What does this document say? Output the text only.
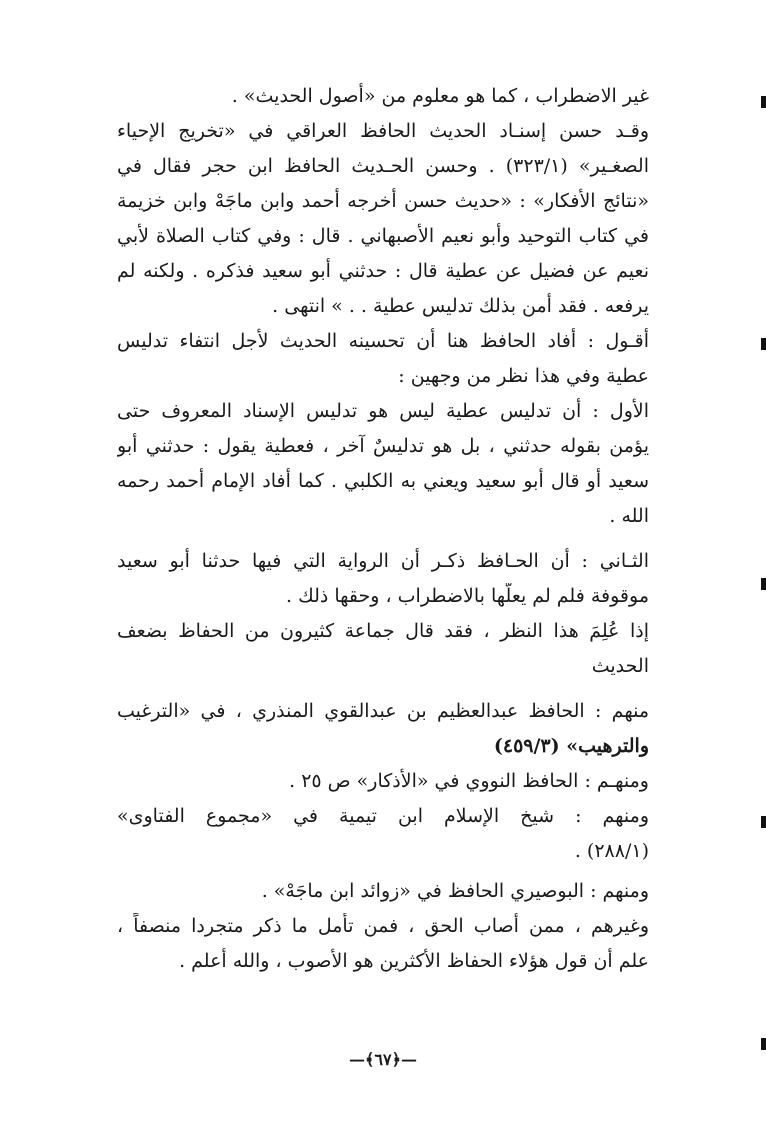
غير الاضطراب ، كما هو معلوم من «أصول الحديث» .
وقـد حسن إسنـاد الحديث الحافظ العراقي في «تخريج الإحياء
الصغـير» (٣٢٣/١) . وحسن الحـديث الحافظ ابن حجر فقال في
«نتائج الأفكار» : «حديث حسن أخرجه أحمد وابن ماجَهْ وابن خزيمة
في كتاب التوحيد وأبو نعيم الأصبهاني . قال : وفي كتاب الصلاة لأبي
نعيم عن فضيل عن عطية قال : حدثني أبو سعيد فذكره . ولكنه لم
يرفعه . فقد أمن بذلك تدليس عطية . . » انتهى .
أقـول : أفاد الحافظ هنا أن تحسينه الحديث لأجل انتفاء تدليس
عطية وفي هذا نظر من وجهين :
الأول : أن تدليس عطية ليس هو تدليس الإسناد المعروف حتى
يؤمن بقوله حدثني ، بل هو تدليسٌ آخر ، فعطية يقول : حدثني أبو
سعيد أو قال أبو سعيد ويعني به الكلبي . كما أفاد الإمام أحمد رحمه
الله .
الثـاني : أن الحـافظ ذكـر أن الرواية التي فيها حدثنا أبو سعيد
موقوفة فلم لم يعلّها بالاضطراب ، وحقها ذلك .
إذا عُلِمَ هذا النظر ، فقد قال جماعة كثيرون من الحفاظ بضعف
الحديث
منهم : الحافظ عبدالعظيم بن عبدالقوي المنذري ، في «الترغيب
والترهيب» (٤٥٩/٣)
ومنهـم : الحافظ النووي في «الأذكار» ص ٢٥ .
ومنهم : شيخ الإسلام ابن تيمية في «مجموع الفتاوى»
. (٢٨٨/١)
ومنهم : البوصيري الحافظ في «زوائد ابن ماجَهْ» .
وغيرهم ، ممن أصاب الحق ، فمن تأمل ما ذكر متجردا منصفاً ،
علم أن قول هؤلاء الحفاظ الأكثرين هو الأصوب ، والله أعلم .
—﴿٦٧﴾—
